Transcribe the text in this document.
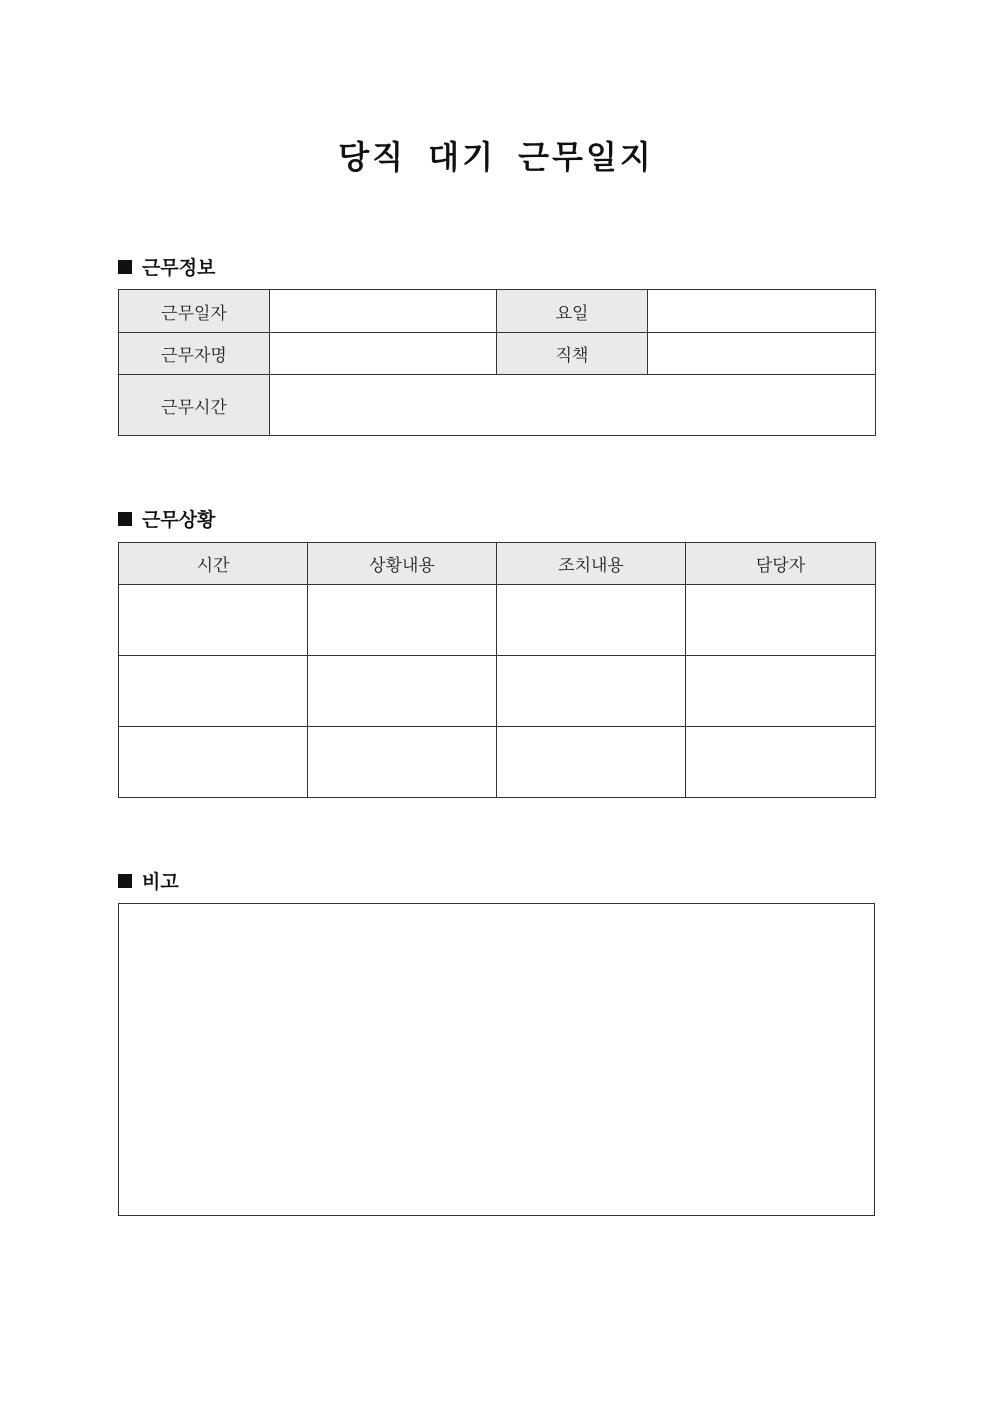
당직 대기 근무일지
근무정보
근무일자		요일	
근무자명		직책	
근무시간			
근무상황
시간	상황내용	조치내용	담당자

비고
